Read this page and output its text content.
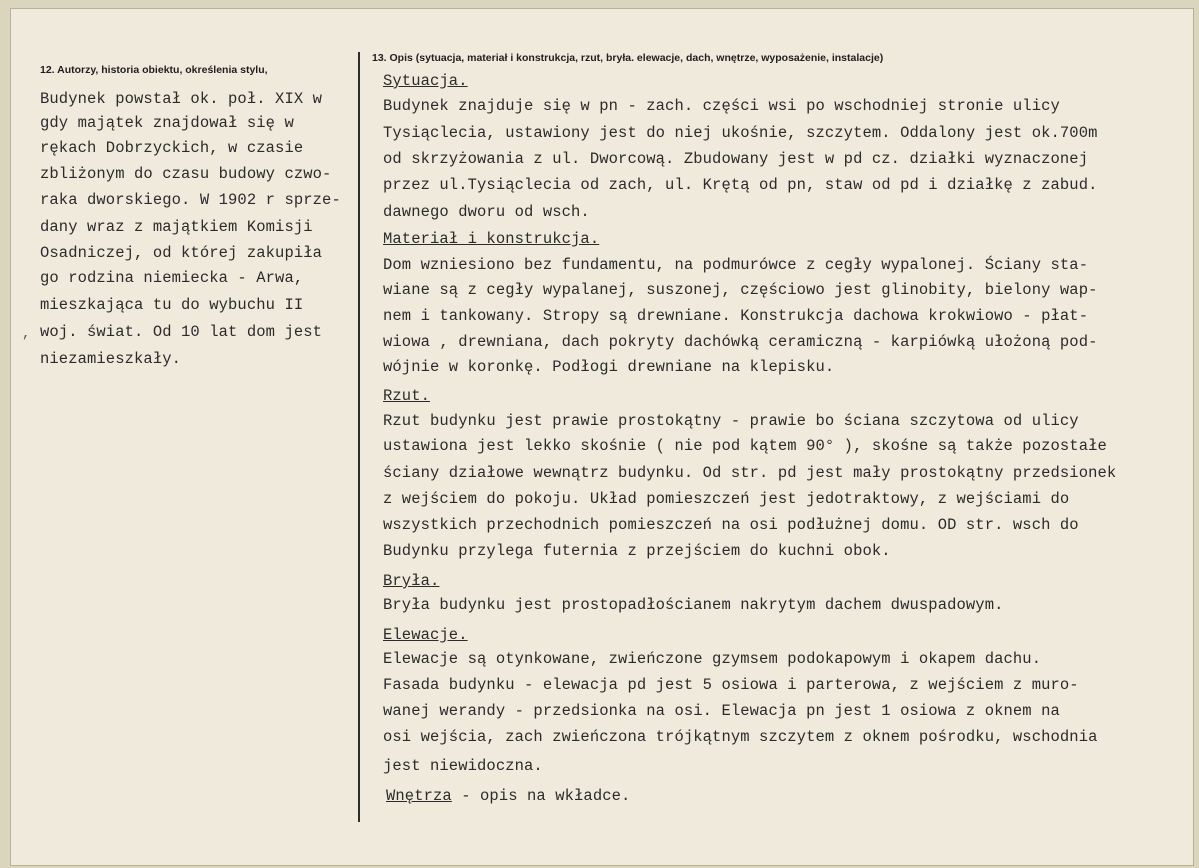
12. Autorzy, historia obiektu, określenia stylu,
13. Opis (sytuacja, materiał i konstrukcja, rzut, bryła. elewacje, dach, wnętrze, wyposażenie, instalacje)
Budynek powstał ok. poł. XIX w
gdy majątek znajdował się w
rękach Dobrzyckich, w czasie
zbliżonym do czasu budowy czwo-
raka dworskiego. W 1902 r sprze-
dany wraz z majątkiem Komisji
Osadniczej, od której zakupiła
go rodzina niemiecka - Arwa,
mieszkająca tu do wybuchu II
woj. świat. Od 10 lat dom jest
niezamieszkały.
Sytuacja.
Budynek znajduje się w pn - zach. części wsi po wschodniej stronie ulicy
Tysiąclecia, ustawiony jest do niej ukośnie, szczytem. Oddalony jest ok.700m
od skrzyżowania z ul. Dworcową. Zbudowany jest w pd cz. działki wyznaczonej
przez ul.Tysiąclecia od zach, ul. Krętą od pn, staw od pd i działkę z zabud.
dawnego dworu od wsch.
Materiał i konstrukcja.
Dom wzniesiono bez fundamentu, na podmurówce z cegły wypalonej. Ściany sta-
wiane są z cegły wypalanej, suszonej, częściowo jest glinobity, bielony wap-
nem i tankowany. Stropy są drewniane. Konstrukcja dachowa krokwiowo - płat-
wiowa , drewniana, dach pokryty dachówką ceramiczną - karpiówką ułożoną pod-
wójnie w koronkę. Podłogi drewniane na klepisku.
Rzut.
Rzut budynku jest prawie prostokątny - prawie bo ściana szczytowa od ulicy
ustawiona jest lekko skośnie ( nie pod kątem 90° ), skośne są także pozostałe
ściany działowe wewnątrz budynku. Od str. pd jest mały prostokątny przedsionek
z wejściem do pokoju. Układ pomieszczeń jest jedotraktowy, z wejściami do
wszystkich przechodnich pomieszczeń na osi podłużnej domu. OD str. wsch do
Budynku przylega futernia z przejściem do kuchni obok.
Bryła.
Bryła budynku jest prostopadłościanem nakrytym dachem dwuspadowym.
Elewacje.
Elewacje są otynkowane, zwieńczone gzymsem podokapowym i okapem dachu.
Fasada budynku - elewacja pd jest 5 osiowa i parterowa, z wejściem z muro-
wanej werandy - przedsionka na osi. Elewacja pn jest 1 osiowa z oknem na
osi wejścia, zach zwieńczona trójkątnym szczytem z oknem pośrodku, wschodnia
jest niewidoczna.
Wnętrza - opis na wkładce.
,
